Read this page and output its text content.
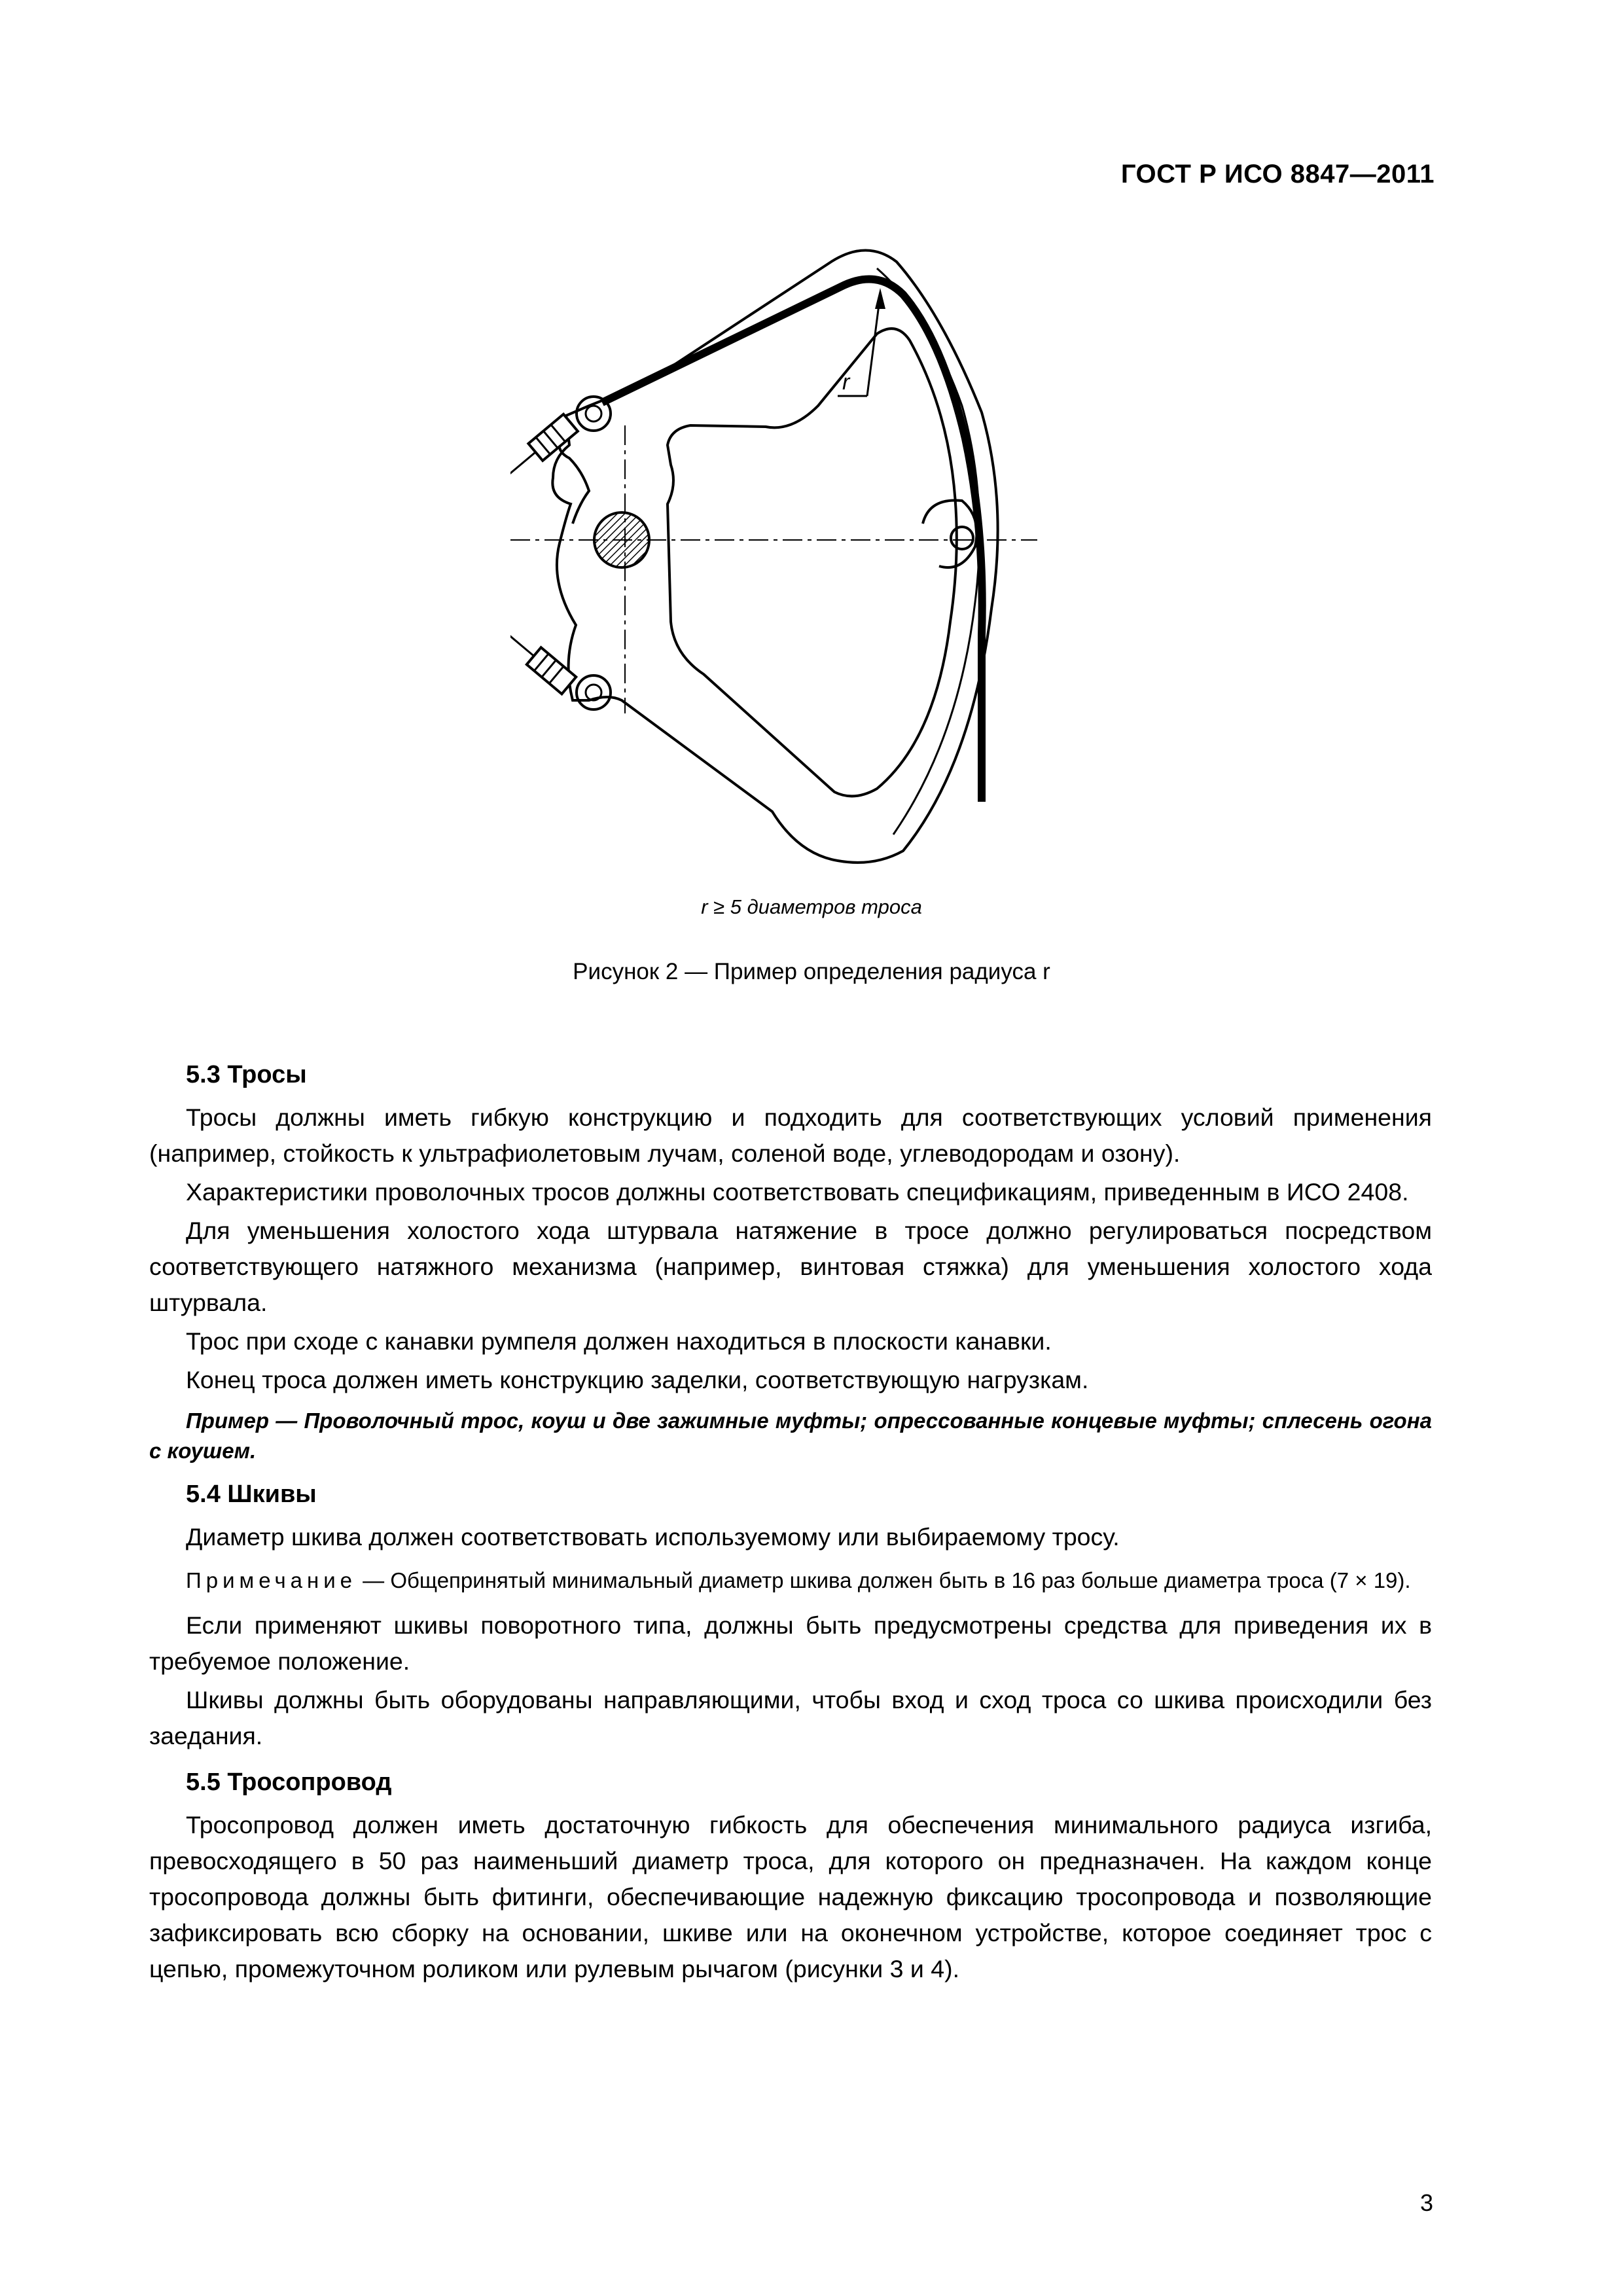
ГОСТ Р ИСО 8847—2011
r
r ≥ 5 диаметров троса
Рисунок 2 — Пример определения радиуса r
5.3 Тросы

Тросы должны иметь гибкую конструкцию и подходить для соответствующих условий применения (например, стойкость к ультрафиолетовым лучам, соленой воде, углеводородам и озону).

Характеристики проволочных тросов должны соответствовать спецификациям, приведенным в ИСО 2408.

Для уменьшения холостого хода штурвала натяжение в тросе должно регулироваться посредством соответствующего натяжного механизма (например, винтовая стяжка) для уменьшения холостого хода штурвала.

Трос при сходе с канавки румпеля должен находиться в плоскости канавки.

Конец троса должен иметь конструкцию заделки, соответствующую нагрузкам.

Пример — Проволочный трос, коуш и две зажимные муфты; опрессованные концевые муфты; сплесень огона с коушем.

5.4 Шкивы

Диаметр шкива должен соответствовать используемому или выбираемому тросу.

Примечание — Общепринятый минимальный диаметр шкива должен быть в 16 раз больше диаметра троса (7 × 19).

Если применяют шкивы поворотного типа, должны быть предусмотрены средства для приведения их в требуемое положение.

Шкивы должны быть оборудованы направляющими, чтобы вход и сход троса со шкива происходили без заедания.

5.5 Тросопровод

Тросопровод должен иметь достаточную гибкость для обеспечения минимального радиуса изгиба, превосходящего в 50 раз наименьший диаметр троса, для которого он предназначен. На каждом конце тросопровода должны быть фитинги, обеспечивающие надежную фиксацию тросопровода и позволяющие зафиксировать всю сборку на основании, шкиве или на оконечном устройстве, которое соединяет трос с цепью, промежуточном роликом или рулевым рычагом (рисунки 3 и 4).

3
